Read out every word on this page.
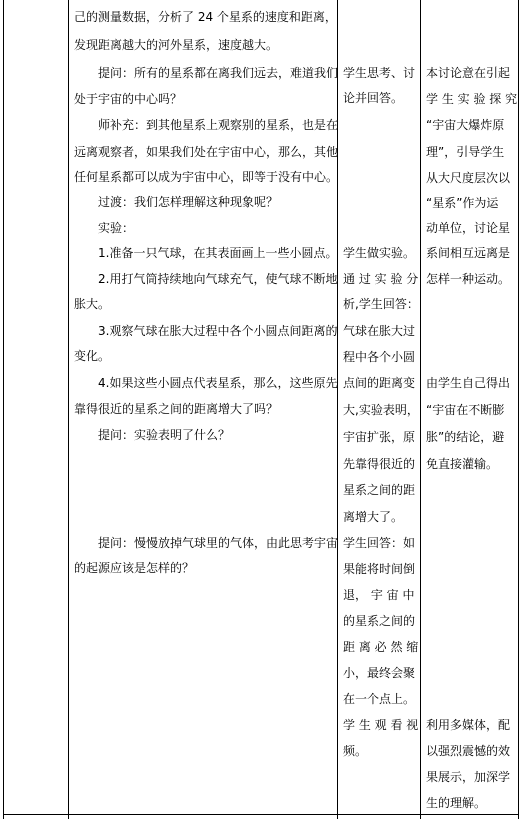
己的测量数据，分析了 24 个星系的速度和距离，
发现距离越大的河外星系，速度越大。
提问：所有的星系都在离我们远去，难道我们
处于宇宙的中心吗？
师补充：到其他星系上观察别的星系，也是在
远离观察者，如果我们处在宇宙中心，那么，其他
任何星系都可以成为宇宙中心，即等于没有中心。
过渡：我们怎样理解这种现象呢？
实验：
1.准备一只气球，在其表面画上一些小圆点。
2.用打气筒持续地向气球充气，使气球不断地
胀大。
3.观察气球在胀大过程中各个小圆点间距离的
变化。
4.如果这些小圆点代表星系，那么，这些原先
靠得很近的星系之间的距离增大了吗？
提问：实验表明了什么？
提问：慢慢放掉气球里的气体，由此思考宇宙
的起源应该是怎样的？
学生思考、讨
论并回答。
学生做实验。
通 过 实 验 分
析,学生回答：
气球在胀大过
程中各个小圆
点间的距离变
大,实验表明，
宇宙扩张，原
先靠得很近的
星系之间的距
离增大了。
学生回答：如
果能将时间倒
退， 宇 宙 中
的星系之间的
距 离 必 然 缩
小，最终会聚
在一个点上。
学 生 观 看 视
频。
本讨论意在引起
学 生 实 验 探 究
“宇宙大爆炸原
理”，引导学生
从大尺度层次以
“星系”作为运
动单位，讨论星
系间相互远离是
怎样一种运动。
由学生自己得出
“宇宙在不断膨
胀”的结论，避
免直接灌输。
利用多媒体，配
以强烈震憾的效
果展示，加深学
生的理解。
